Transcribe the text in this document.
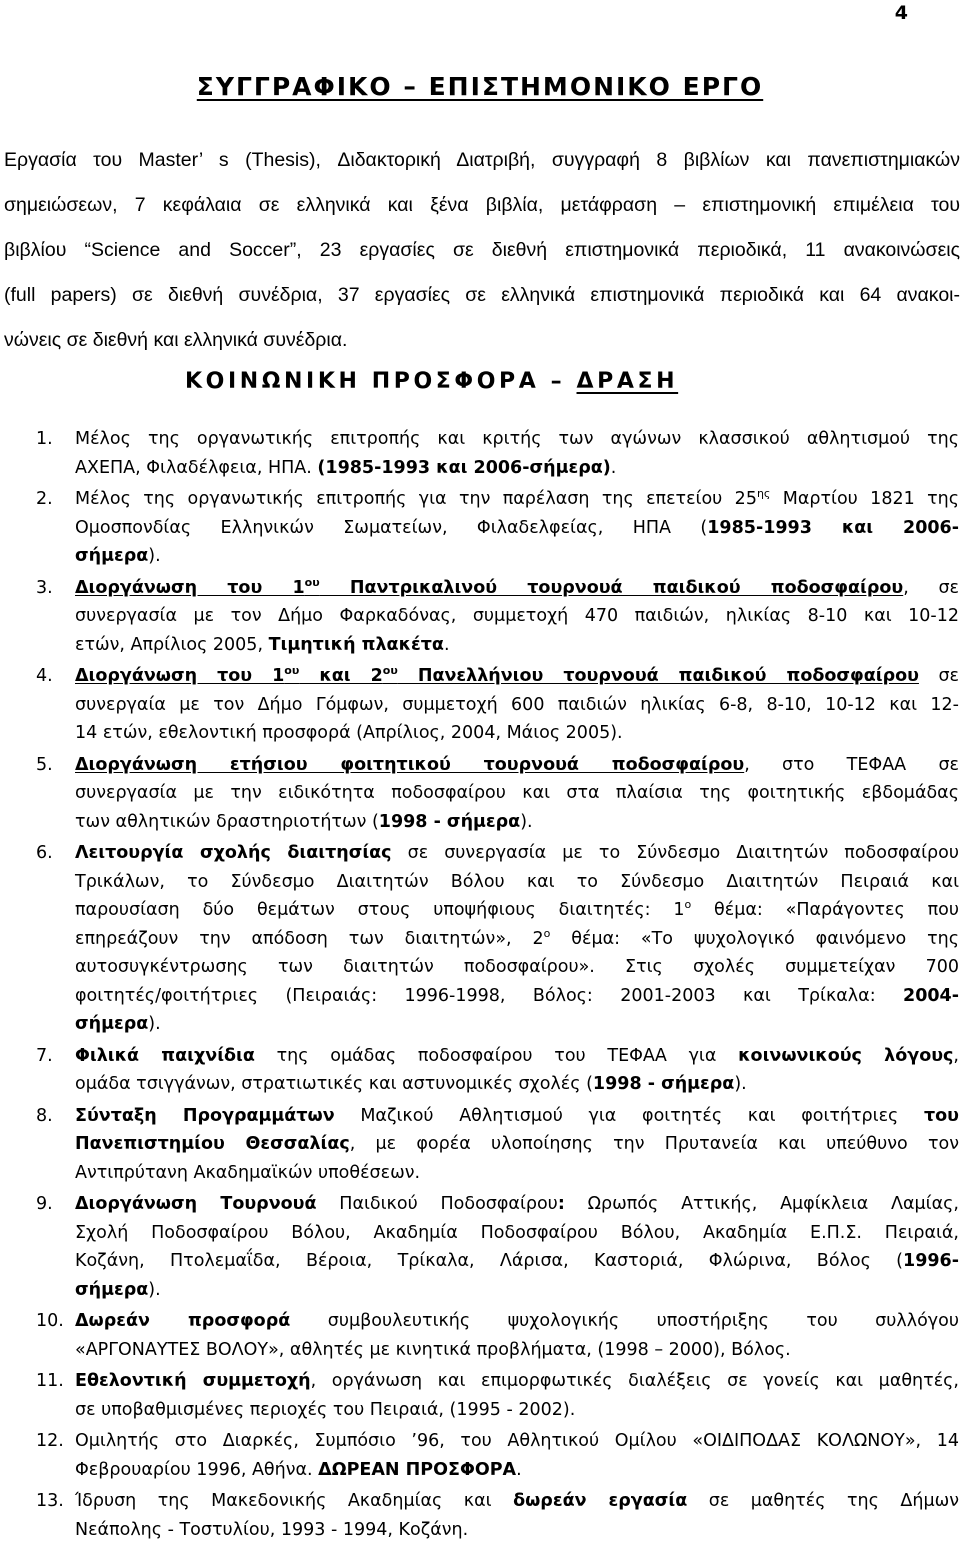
4
ΣΥΓΓΡΑΦΙΚΟ – ΕΠΙΣΤΗΜΟΝΙΚΟ ΕΡΓΟ
Εργασία του Master’ s (Thesis), Διδακτορική Διατριβή, συγγραφή 8 βιβλίων και πανεπιστημιακών
σημειώσεων, 7 κεφάλαια σε ελληνικά και ξένα βιβλία, μετάφραση – επιστημονική επιμέλεια του
βιβλίου “Science and Soccer”, 23 εργασίες σε διεθνή επιστημονικά περιοδικά, 11 ανακοινώσεις
(full papers) σε διεθνή συνέδρια, 37 εργασίες σε ελληνικά επιστημονικά περιοδικά και 64 ανακοι-
νώνεις σε διεθνή και ελληνικά συνέδρια.
ΚΟΙΝΩΝΙΚΗ ΠΡΟΣΦΟΡΑ – ΔΡΑΣΗ
1. Μέλος της οργανωτικής επιτροπής και κριτής των αγώνων κλασσικού αθλητισμού της
ΑΧΕΠΑ, Φιλαδέλφεια, ΗΠΑ. (1985-1993 και 2006-σήμερα).
2. Μέλος της οργανωτικής επιτροπής για την παρέλαση της επετείου $25^{\eta\varsigma}$ Μαρτίου 1821 της
Ομοσπονδίας Ελληνικών Σωματείων, Φιλαδελφείας, ΗΠΑ (1985-1993 και 2006-
σήμερα).
3. Διοργάνωση του $1^{o\upsilon}$ Παντρικαλινού τουρνουά παιδικού ποδοσφαίρου, σε
συνεργασία με τον Δήμο Φαρκαδόνας, συμμετοχή 470 παιδιών, ηλικίας 8-10 και 10-12
ετών, Απρίλιος 2005, Τιμητική πλακέτα.
4. Διοργάνωση του $1^{o\upsilon}$ και $2^{o\upsilon}$ Πανελλήνιου τουρνουά παιδικού ποδοσφαίρου σε
συνεργαία με τον Δήμο Γόμφων, συμμετοχή 600 παιδιών ηλικίας 6-8, 8-10, 10-12 και 12-
14 ετών, εθελοντική προσφορά (Απρίλιος, 2004, Μάιος 2005).
5. Διοργάνωση ετήσιου φοιτητικού τουρνουά ποδοσφαίρου, στο ΤΕΦΑΑ σε
συνεργασία με την ειδικότητα ποδοσφαίρου και στα πλαίσια της φοιτητικής εβδομάδας
των αθλητικών δραστηριοτήτων (1998 - σήμερα).
6. Λειτουργία σχολής διαιτησίας σε συνεργασία με το Σύνδεσμο Διαιτητών ποδοσφαίρου
Τρικάλων, το Σύνδεσμο Διαιτητών Βόλου και το Σύνδεσμο Διαιτητών Πειραιά και
παρουσίαση δύο θεμάτων στους υποψήφιους διαιτητές: $1^o$ θέμα: «Παράγοντες που
επηρεάζουν την απόδοση των διαιτητών», $2^o$ θέμα: «Το ψυχολογικό φαινόμενο της
αυτοσυγκέντρωσης των διαιτητών ποδοσφαίρου». Στις σχολές συμμετείχαν 700
φοιτητές/φοιτήτριες (Πειραιάς: 1996-1998, Βόλος: 2001-2003 και Τρίκαλα: 2004-
σήμερα).
7. Φιλικά παιχνίδια της ομάδας ποδοσφαίρου του ΤΕΦΑΑ για κοινωνικούς λόγους,
ομάδα τσιγγάνων, στρατιωτικές και αστυνομικές σχολές (1998 - σήμερα).
8. Σύνταξη Προγραμμάτων Μαζικού Αθλητισμού για φοιτητές και φοιτήτριες του
Πανεπιστημίου Θεσσαλίας, με φορέα υλοποίησης την Πρυτανεία και υπεύθυνο τον
Αντιπρύτανη Ακαδημαϊκών υποθέσεων.
9. Διοργάνωση Τουρνουά Παιδικού Ποδοσφαίρου: Ωρωπός Αττικής, Αμφίκλεια Λαμίας,
Σχολή Ποδοσφαίρου Βόλου, Ακαδημία Ποδοσφαίρου Βόλου, Ακαδημία Ε.Π.Σ. Πειραιά,
Κοζάνη, Πτολεμαΐδα, Βέροια, Τρίκαλα, Λάρισα, Καστοριά, Φλώρινα, Βόλος (1996-
σήμερα).
10. Δωρεάν προσφορά συμβουλευτικής ψυχολογικής υποστήριξης του συλλόγου
«ΑΡΓΟΝΑΥΤΕΣ ΒΟΛΟΥ», αθλητές με κινητικά προβλήματα, (1998 – 2000), Βόλος.
11. Εθελοντική συμμετοχή, οργάνωση και επιμορφωτικές διαλέξεις σε γονείς και μαθητές,
σε υποβαθμισμένες περιοχές του Πειραιά, (1995 - 2002).
12. Ομιλητής στο Διαρκές, Συμπόσιο ’96, του Αθλητικού Ομίλου «ΟΙΔΙΠΟΔΑΣ ΚΟΛΩΝΟΥ», 14
Φεβρουαρίου 1996, Αθήνα. ΔΩΡΕΑΝ ΠΡΟΣΦΟΡΑ.
13. Ίδρυση της Μακεδονικής Ακαδημίας και δωρεάν εργασία σε μαθητές της Δήμων
Νεάπολης - Τοστυλίου, 1993 - 1994, Κοζάνη.
